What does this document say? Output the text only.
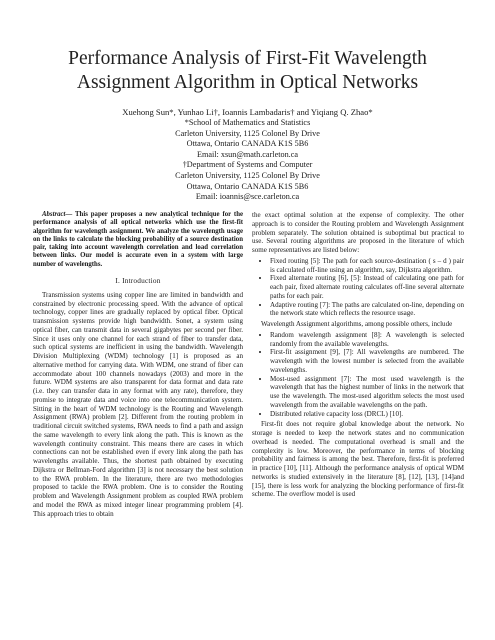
Performance Analysis of First-Fit Wavelength
Assignment Algorithm in Optical Networks
Xuehong Sun*, Yunhao Li†, Ioannis Lambadaris† and Yiqiang Q. Zhao*
*School of Mathematics and Statistics
Carleton University, 1125 Colonel By Drive
Ottawa, Ontario CANADA K1S 5B6
Email: xsun@math.carleton.ca
†Department of Systems and Computer
Carleton University, 1125 Colonel By Drive
Ottawa, Ontario CANADA K1S 5B6
Email: ioannis@sce.carleton.ca

Abstract— This paper proposes a new analytical technique for the performance analysis of all optical networks which use the first-fit algorithm for wavelength assignment. We analyze the wavelength usage on the links to calculate the blocking probability of a source destination pair, taking into account wavelength correlation and load correlation between links. Our model is accurate even in a system with large number of wavelengths.

I. Introduction

Transmission systems using copper line are limited in bandwidth and constrained by electronic processing speed. With the advance of optical technology, copper lines are gradually replaced by optical fiber. Optical transmission systems provide high bandwidth. Sonet, a system using optical fiber, can transmit data in several gigabytes per second per fiber. Since it uses only one channel for each strand of fiber to transfer data, such optical systems are inefficient in using the bandwidth. Wavelength Division Multiplexing (WDM) technology [1] is proposed as an alternative method for carrying data. With WDM, one strand of fiber can accommodate about 100 channels nowadays (2003) and more in the future. WDM systems are also transparent for data format and data rate (i.e. they can transfer data in any format with any rate), therefore, they promise to integrate data and voice into one telecommunication system. Sitting in the heart of WDM technology is the Routing and Wavelength Assignment (RWA) problem [2]. Different from the routing problem in traditional circuit switched systems, RWA needs to find a path and assign the same wavelength to every link along the path. This is known as the wavelength continuity constraint. This means there are cases in which connections can not be established even if every link along the path has wavelengths available. Thus, the shortest path obtained by executing Dijkstra or Bellman-Ford algorithm [3] is not necessary the best solution to the RWA problem. In the literature, there are two methodologies proposed to tackle the RWA problem. One is to consider the Routing problem and Wavelength Assignment problem as coupled RWA problem and model the RWA as mixed integer linear programming problem [4]. This approach tries to obtain

the exact optimal solution at the expense of complexity. The other approach is to consider the Routing problem and Wavelength Assignment problem separately. The solution obtained is suboptimal but practical to use. Several routing algorithms are proposed in the literature of which some representatives are listed below:

• Fixed routing [5]: The path for each source-destination ( s – d ) pair is calculated off-line using an algorithm, say, Dijkstra algorithm.
• Fixed alternate routing [6], [5]: Instead of calculating one path for each pair, fixed alternate routing calculates off-line several alternate paths for each pair.
• Adaptive routing [7]: The paths are calculated on-line, depending on the network state which reflects the resource usage.

Wavelength Assignment algorithms, among possible others, include

• Random wavelength assignment [8]: A wavelength is selected randomly from the available wavelengths.
• First-fit assignment [9], [7]: All wavelengths are numbered. The wavelength with the lowest number is selected from the available wavelengths.
• Most-used assignment [7]: The most used wavelength is the wavelength that has the highest number of links in the network that use the wavelength. The most-used algorithm selects the most used wavelength from the available wavelengths on the path.
• Distributed relative capacity loss (DRCL) [10].

First-fit does not require global knowledge about the network. No storage is needed to keep the network states and no communication overhead is needed. The computational overhead is small and the complexity is low. Moreover, the performance in terms of blocking probability and fairness is among the best. Therefore, first-fit is preferred in practice [10], [11]. Although the performance analysis of optical WDM networks is studied extensively in the literature [8], [12], [13], [14]and [15], there is less work for analyzing the blocking performance of first-fit scheme. The overflow model is used
